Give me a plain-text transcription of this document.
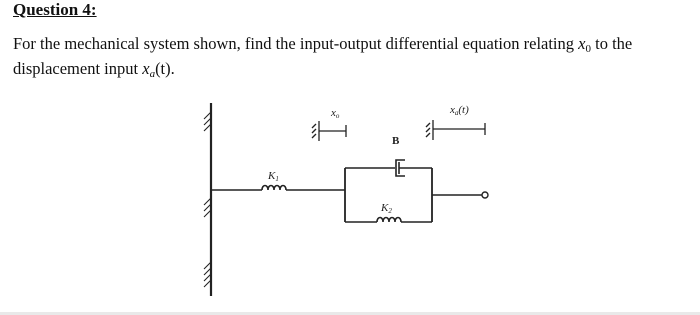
Question 4:
For the mechanical system shown, find the input-output differential equation relating $x_0$ to the displacement input $x_a(t)$.
K1
B
K2
xo	xa(t)
